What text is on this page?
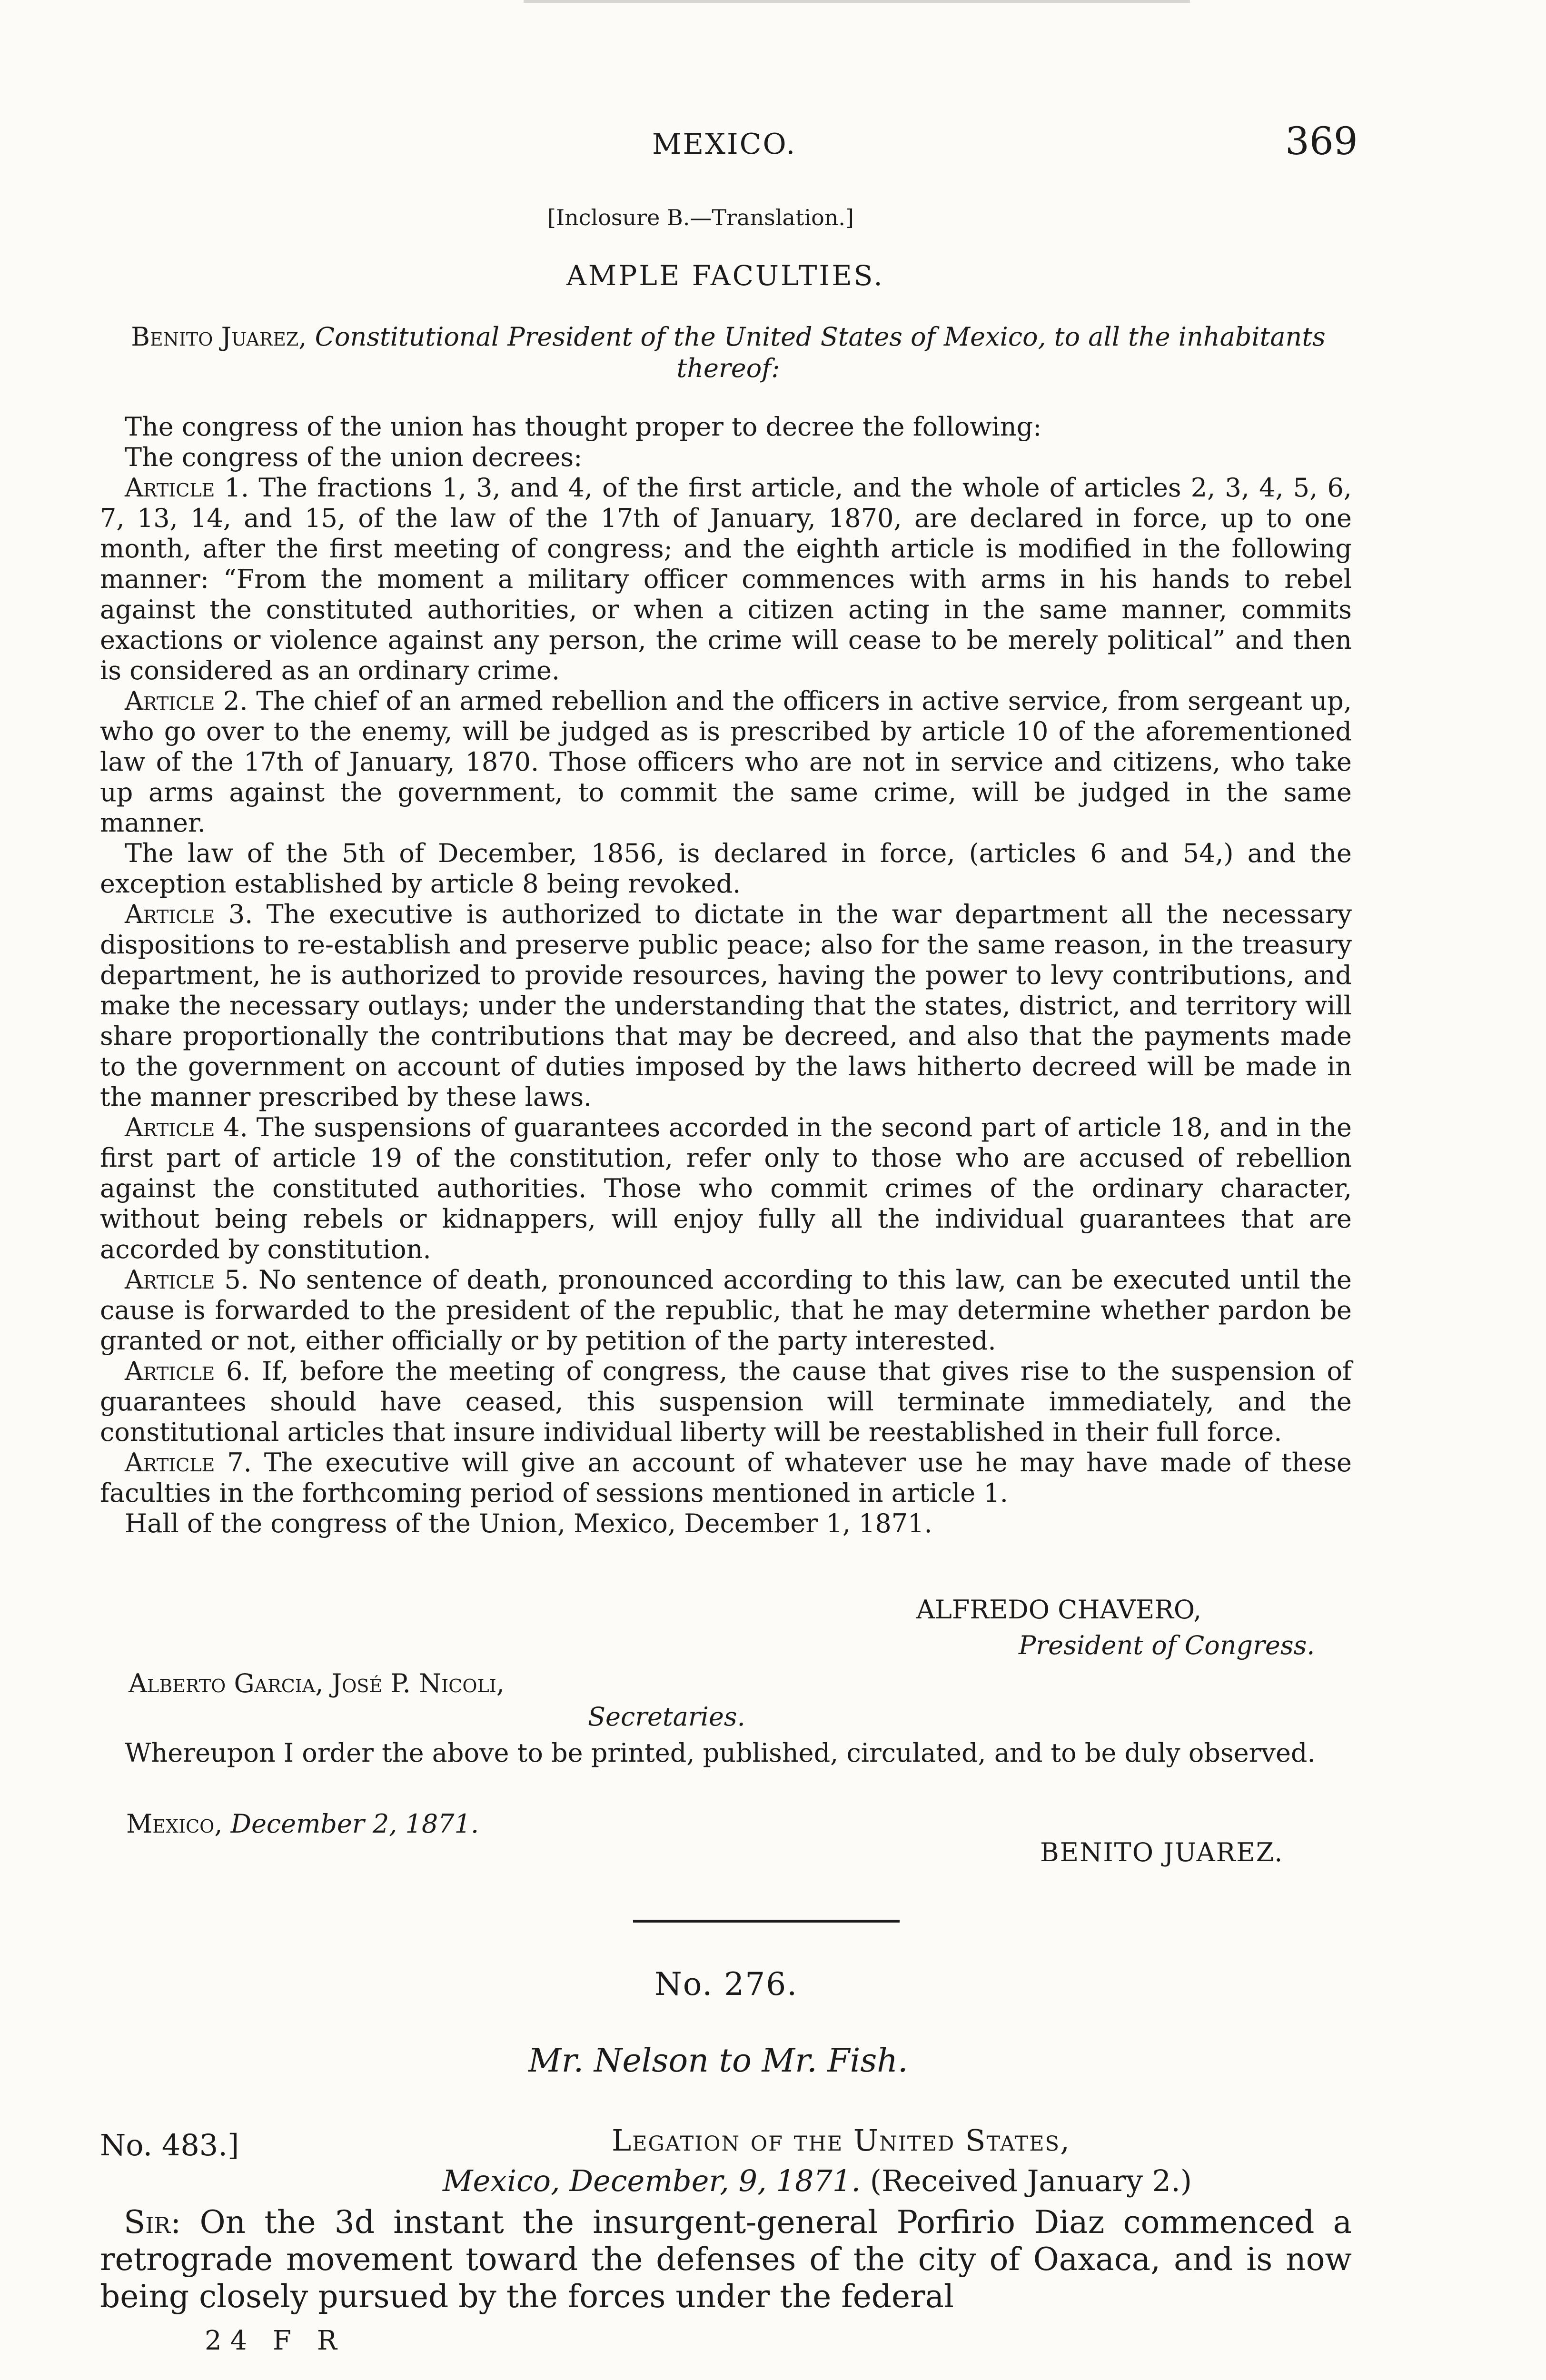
MEXICO.	369
[Inclosure B.—Translation.]
AMPLE FACULTIES.
Benito Juarez, Constitutional President of the United States of Mexico, to all the inhabitants thereof:

The congress of the union has thought proper to decree the following:

The congress of the union decrees:

Article 1. The fractions 1, 3, and 4, of the first article, and the whole of articles 2, 3, 4, 5, 6, 7, 13, 14, and 15, of the law of the 17th of January, 1870, are declared in force, up to one month, after the first meeting of congress; and the eighth article is modified in the following manner: “From the moment a military officer commences with arms in his hands to rebel against the constituted authorities, or when a citizen acting in the same manner, commits exactions or violence against any person, the crime will cease to be merely political” and then is considered as an ordinary crime.

Article 2. The chief of an armed rebellion and the officers in active service, from sergeant up, who go over to the enemy, will be judged as is prescribed by article 10 of the aforementioned law of the 17th of January, 1870. Those officers who are not in service and citizens, who take up arms against the government, to commit the same crime, will be judged in the same manner.

The law of the 5th of December, 1856, is declared in force, (articles 6 and 54,) and the exception established by article 8 being revoked.

Article 3. The executive is authorized to dictate in the war department all the necessary dispositions to re-establish and preserve public peace; also for the same reason, in the treasury department, he is authorized to provide resources, having the power to levy contributions, and make the necessary outlays; under the understanding that the states, district, and territory will share proportionally the contributions that may be decreed, and also that the payments made to the government on account of duties imposed by the laws hitherto decreed will be made in the manner prescribed by these laws.

Article 4. The suspensions of guarantees accorded in the second part of article 18, and in the first part of article 19 of the constitution, refer only to those who are accused of rebellion against the constituted authorities. Those who commit crimes of the ordinary character, without being rebels or kidnappers, will enjoy fully all the individual guarantees that are accorded by constitution.

Article 5. No sentence of death, pronounced according to this law, can be executed until the cause is forwarded to the president of the republic, that he may determine whether pardon be granted or not, either officially or by petition of the party interested.

Article 6. If, before the meeting of congress, the cause that gives rise to the suspension of guarantees should have ceased, this suspension will terminate immediately, and the constitutional articles that insure individual liberty will be reestablished in their full force.

Article 7. The executive will give an account of whatever use he may have made of these faculties in the forthcoming period of sessions mentioned in article 1.

Hall of the congress of the Union, Mexico, December 1, 1871.

ALFREDO CHAVERO,
President of Congress.
Alberto Garcia, José P. Nicoli,
Secretaries.
Whereupon I order the above to be printed, published, circulated, and to be duly observed.
Mexico, December 2, 1871.
BENITO JUAREZ.
No. 276.
Mr. Nelson to Mr. Fish.
No. 483.]	Legation of the United States,
Mexico, December, 9, 1871. (Received January 2.)

Sir: On the 3d instant the insurgent-general Porfirio Diaz commenced a retrograde movement toward the defenses of the city of Oaxaca, and is now being closely pursued by the forces under the federal

24 F R
